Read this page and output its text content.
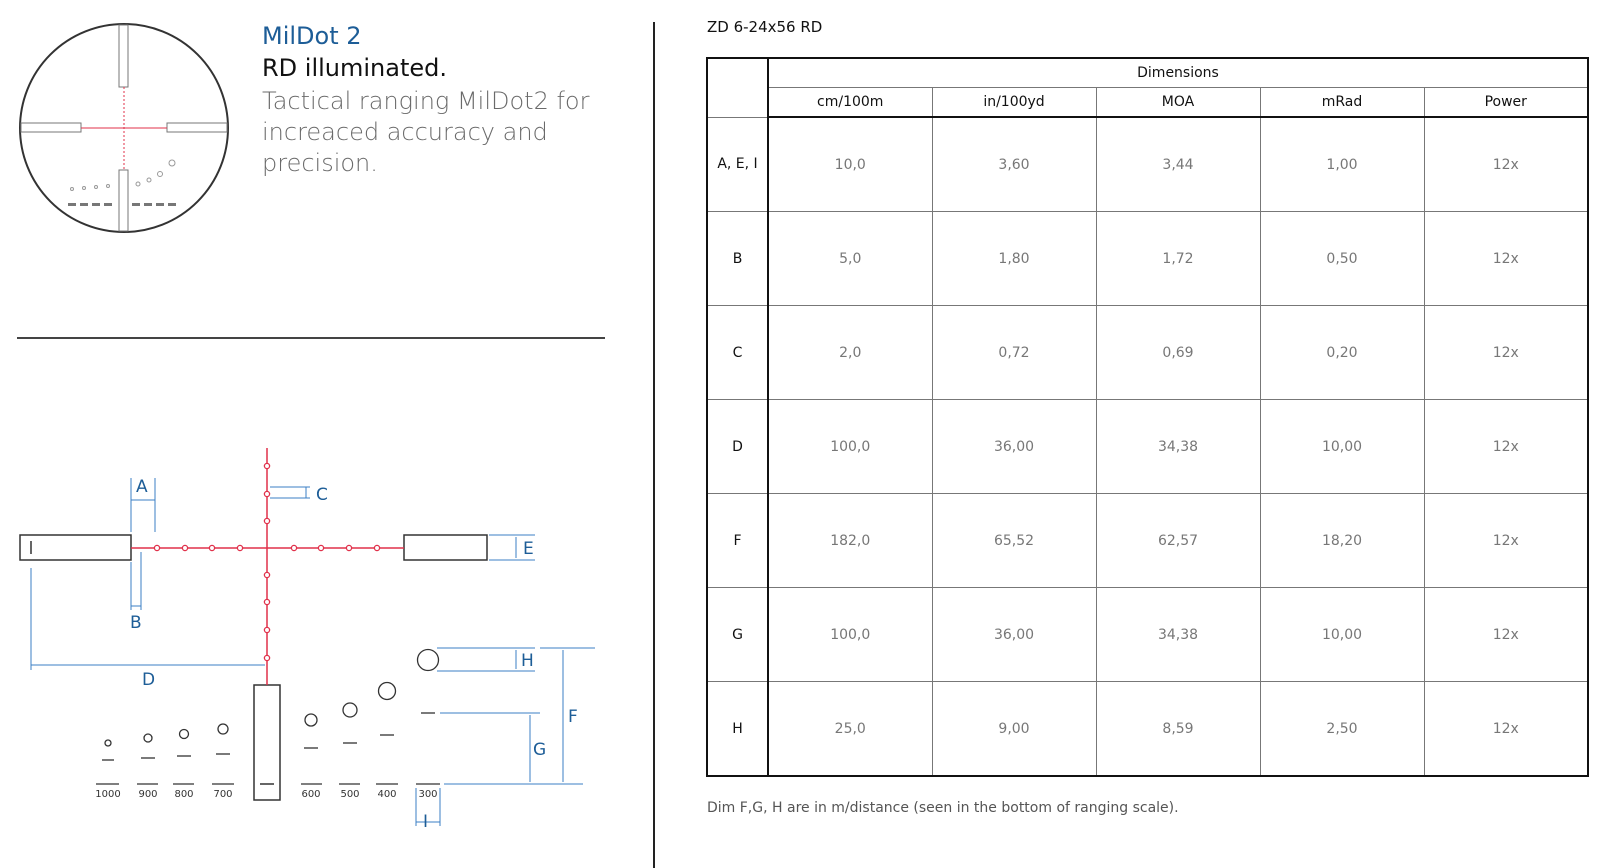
MilDot 2
RD illuminated.

Tactical ranging MilDot2 for increaced accuracy and precision.

A
B
C
D
E
F
G
H
I
1000 900 800 700	600 500 400 300
ZD 6-24x56 RD
	Dimensions				
	cm/100m	in/100yd	MOA	mRad	Power
A, E, I	10,0	3,60	3,44	1,00	12x
B	5,0	1,80	1,72	0,50	12x
C	2,0	0,72	0,69	0,20	12x
D	100,0	36,00	34,38	10,00	12x
F	182,0	65,52	62,57	18,20	12x
G	100,0	36,00	34,38	10,00	12x
H	25,0	9,00	8,59	2,50	12x
Dim F,G, H are in m/distance (seen in the bottom of ranging scale).
